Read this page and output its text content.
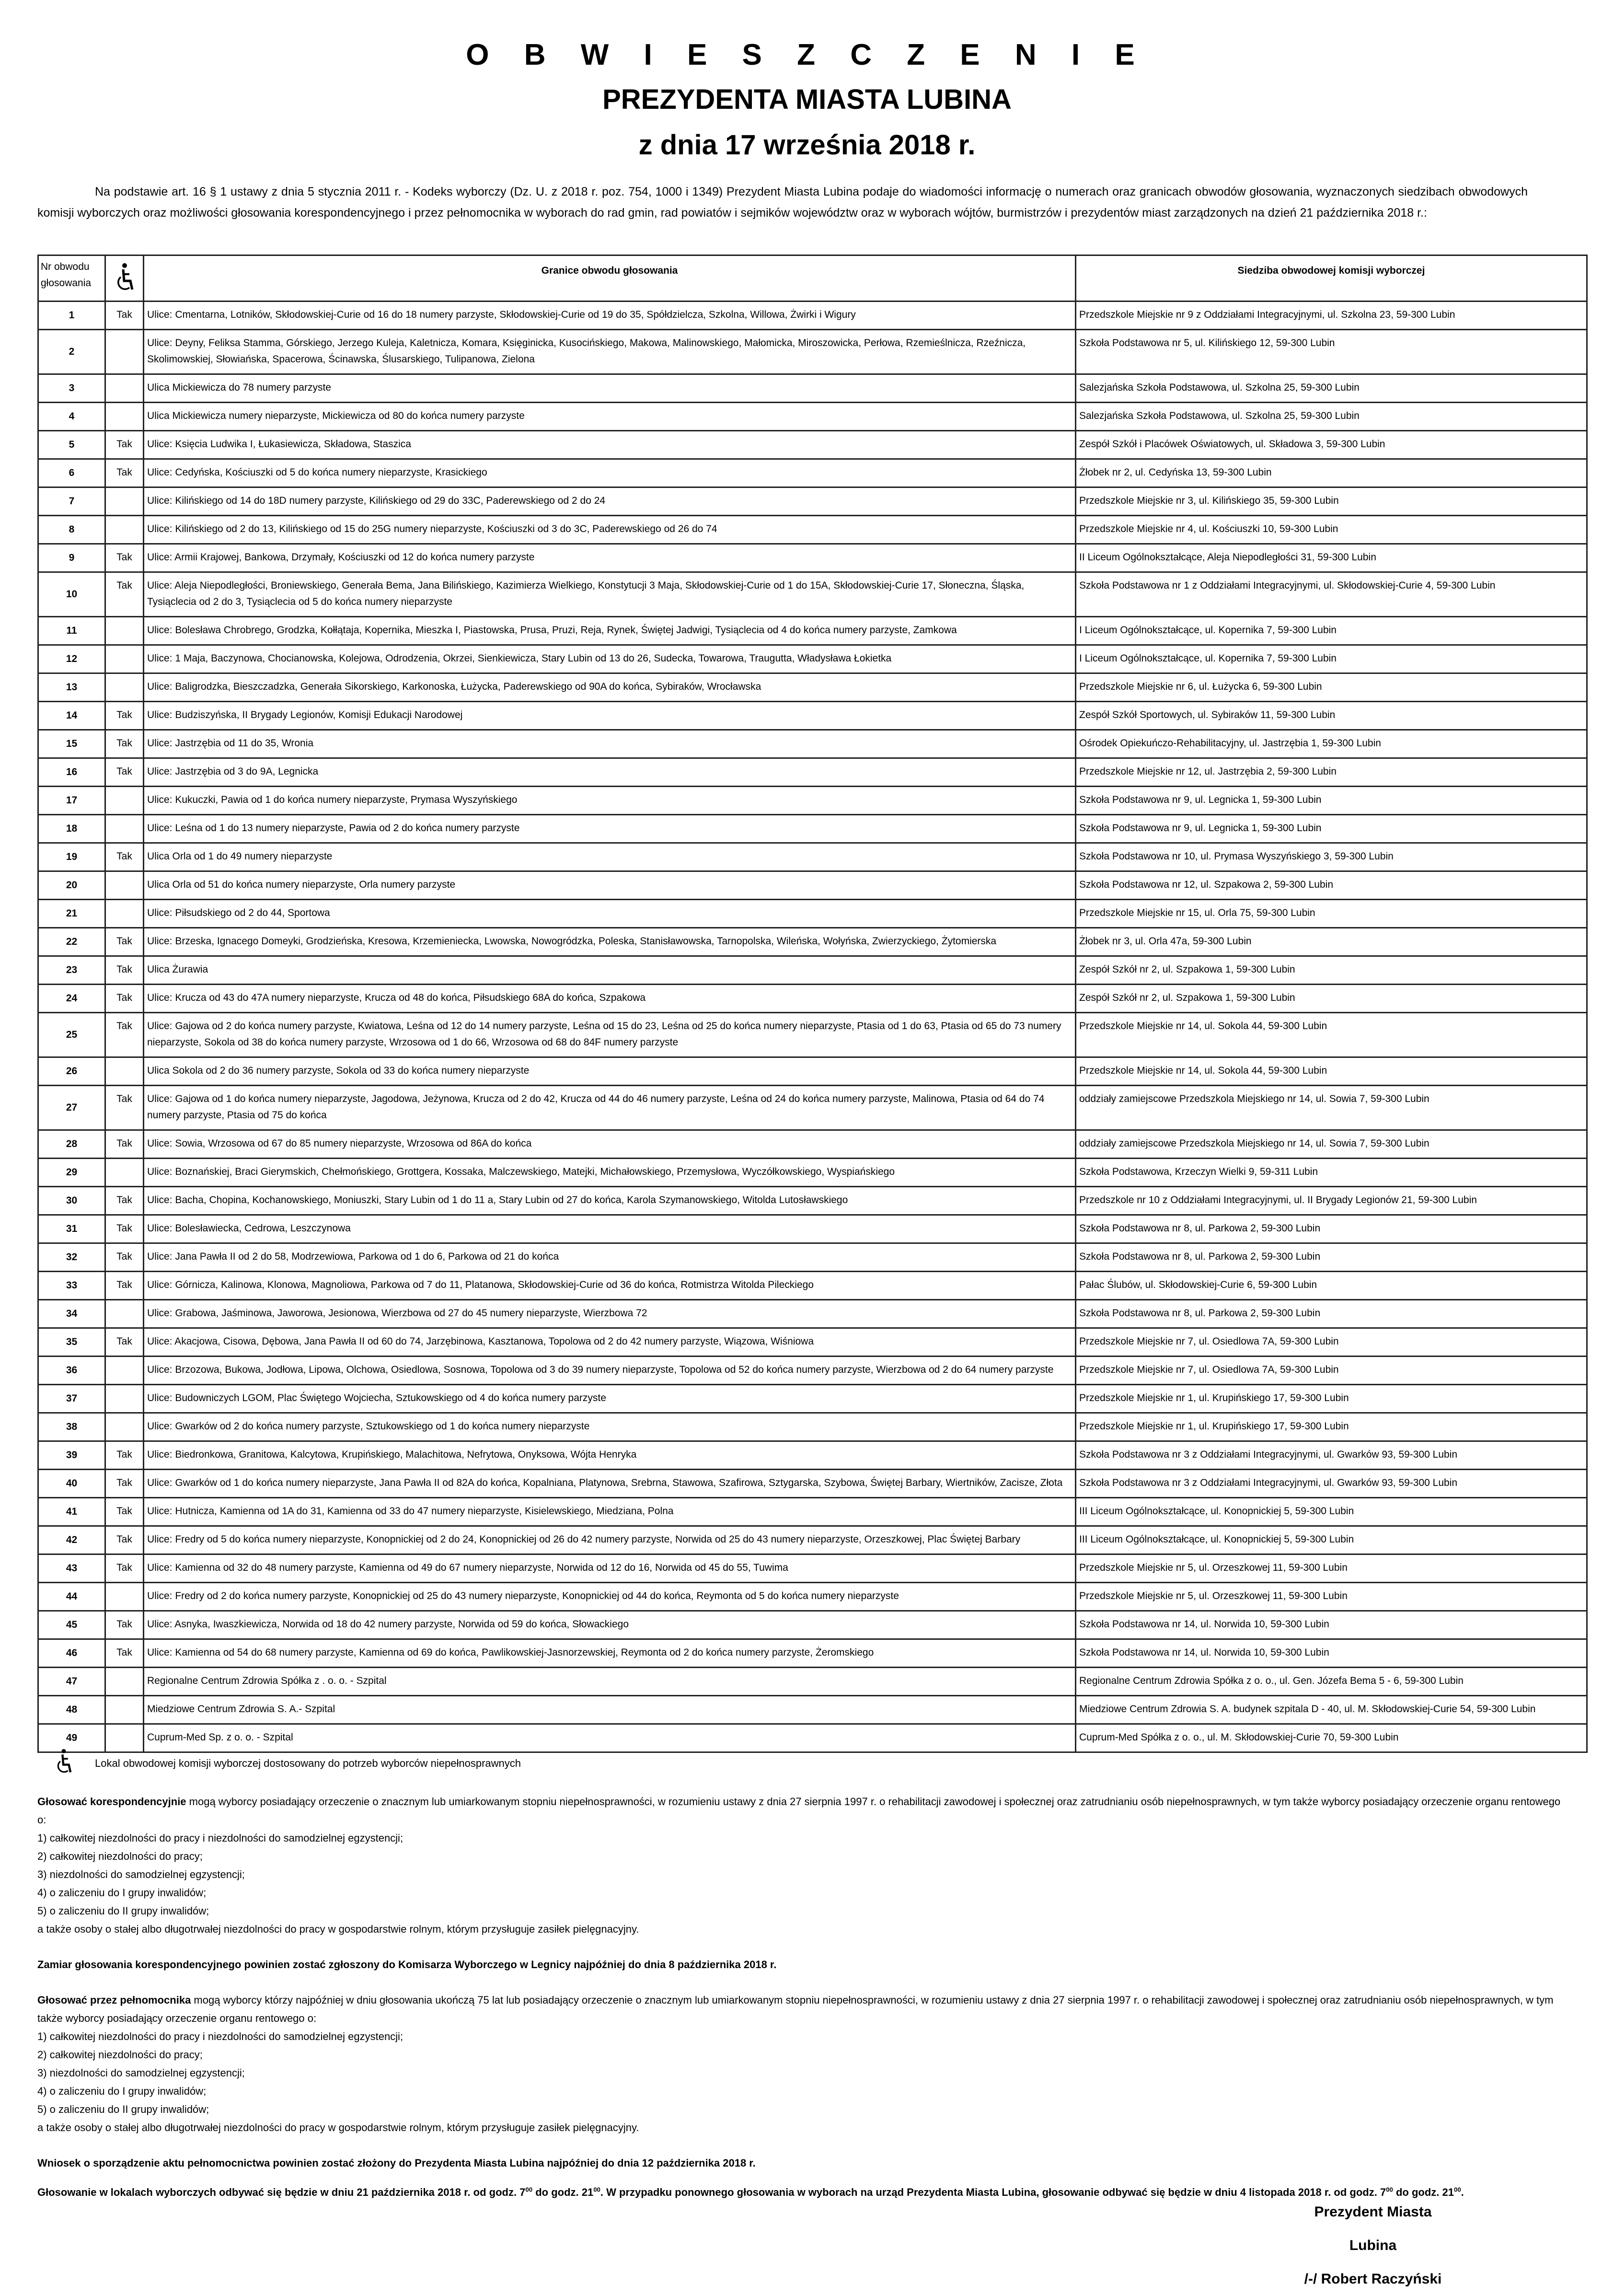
O B W I E S Z C Z E N I E
PREZYDENTA MIASTA LUBINA
z dnia 17 września 2018 r.
Na podstawie art. 16 § 1 ustawy z dnia 5 stycznia 2011 r. - Kodeks wyborczy (Dz. U. z 2018 r. poz. 754, 1000 i 1349) Prezydent Miasta Lubina podaje do wiadomości informację o numerach oraz granicach obwodów głosowania, wyznaczonych siedzibach obwodowych komisji wyborczych oraz możliwości głosowania korespondencyjnego i przez pełnomocnika w wyborach do rad gmin, rad powiatów i sejmików województw oraz w wyborach wójtów, burmistrzów i prezydentów miast zarządzonych na dzień 21 października 2018 r.:
Nr obwodu głosowania		Granice obwodu głosowania	Siedziba obwodowej komisji wyborczej
1	Tak	Ulice: Cmentarna, Lotników, Skłodowskiej-Curie od 16 do 18 numery parzyste, Skłodowskiej-Curie od 19 do 35, Spółdzielcza, Szkolna, Willowa, Żwirki i Wigury	Przedszkole Miejskie nr 9 z Oddziałami Integracyjnymi, ul. Szkolna 23, 59-300 Lubin
2		Ulice: Deyny, Feliksa Stamma, Górskiego, Jerzego Kuleja, Kaletnicza, Komara, Księginicka, Kusocińskiego, Makowa, Malinowskiego, Małomicka, Miroszowicka, Perłowa, Rzemieślnicza, Rzeźnicza, Skolimowskiej, Słowiańska, Spacerowa, Ścinawska, Ślusarskiego, Tulipanowa, Zielona	Szkoła Podstawowa nr 5, ul. Kilińskiego 12, 59-300 Lubin
3		Ulica Mickiewicza do 78 numery parzyste	Salezjańska Szkoła Podstawowa, ul. Szkolna 25, 59-300 Lubin
4		Ulica Mickiewicza numery nieparzyste, Mickiewicza od 80 do końca numery parzyste	Salezjańska Szkoła Podstawowa, ul. Szkolna 25, 59-300 Lubin
5	Tak	Ulice: Księcia Ludwika I, Łukasiewicza, Składowa, Staszica	Zespół Szkół i Placówek Oświatowych, ul. Składowa 3, 59-300 Lubin
6	Tak	Ulice: Cedyńska, Kościuszki od 5 do końca numery nieparzyste, Krasickiego	Żłobek nr 2, ul. Cedyńska 13, 59-300 Lubin
7		Ulice: Kilińskiego od 14 do 18D numery parzyste, Kilińskiego od 29 do 33C, Paderewskiego od 2 do 24	Przedszkole Miejskie nr 3, ul. Kilińskiego 35, 59-300 Lubin
8		Ulice: Kilińskiego od 2 do 13, Kilińskiego od 15 do 25G numery nieparzyste, Kościuszki od 3 do 3C, Paderewskiego od 26 do 74	Przedszkole Miejskie nr 4, ul. Kościuszki 10, 59-300 Lubin
9	Tak	Ulice: Armii Krajowej, Bankowa, Drzymały, Kościuszki od 12 do końca numery parzyste	II Liceum Ogólnokształcące, Aleja Niepodległości 31, 59-300 Lubin
10	Tak	Ulice: Aleja Niepodległości, Broniewskiego, Generała Bema, Jana Bilińskiego, Kazimierza Wielkiego, Konstytucji 3 Maja, Skłodowskiej-Curie od 1 do 15A, Skłodowskiej-Curie 17, Słoneczna, Śląska, Tysiąclecia od 2 do 3, Tysiąclecia od 5 do końca numery nieparzyste	Szkoła Podstawowa nr 1 z Oddziałami Integracyjnymi, ul. Skłodowskiej-Curie 4, 59-300 Lubin
11		Ulice: Bolesława Chrobrego, Grodzka, Kołłątaja, Kopernika, Mieszka I, Piastowska, Prusa, Pruzi, Reja, Rynek, Świętej Jadwigi, Tysiąclecia od 4 do końca numery parzyste, Zamkowa	I Liceum Ogólnokształcące, ul. Kopernika 7, 59-300 Lubin
12		Ulice: 1 Maja, Baczynowa, Chocianowska, Kolejowa, Odrodzenia, Okrzei, Sienkiewicza, Stary Lubin od 13 do 26, Sudecka, Towarowa, Traugutta, Władysława Łokietka	I Liceum Ogólnokształcące, ul. Kopernika 7, 59-300 Lubin
13		Ulice: Baligrodzka, Bieszczadzka, Generała Sikorskiego, Karkonoska, Łużycka, Paderewskiego od 90A do końca, Sybiraków, Wrocławska	Przedszkole Miejskie nr 6, ul. Łużycka 6, 59-300 Lubin
14	Tak	Ulice: Budziszyńska, II Brygady Legionów, Komisji Edukacji Narodowej	Zespół Szkół Sportowych, ul. Sybiraków 11, 59-300 Lubin
15	Tak	Ulice: Jastrzębia od 11 do 35, Wronia	Ośrodek Opiekuńczo-Rehabilitacyjny, ul. Jastrzębia 1, 59-300 Lubin
16	Tak	Ulice: Jastrzębia od 3 do 9A, Legnicka	Przedszkole Miejskie nr 12, ul. Jastrzębia 2, 59-300 Lubin
17		Ulice: Kukuczki, Pawia od 1 do końca numery nieparzyste, Prymasa Wyszyńskiego	Szkoła Podstawowa nr 9, ul. Legnicka 1, 59-300 Lubin
18		Ulice: Leśna od 1 do 13 numery nieparzyste, Pawia od 2 do końca numery parzyste	Szkoła Podstawowa nr 9, ul. Legnicka 1, 59-300 Lubin
19	Tak	Ulica Orla od 1 do 49 numery nieparzyste	Szkoła Podstawowa nr 10, ul. Prymasa Wyszyńskiego 3, 59-300 Lubin
20		Ulica Orla od 51 do końca numery nieparzyste, Orla numery parzyste	Szkoła Podstawowa nr 12, ul. Szpakowa 2, 59-300 Lubin
21		Ulice: Piłsudskiego od 2 do 44, Sportowa	Przedszkole Miejskie nr 15, ul. Orla 75, 59-300 Lubin
22	Tak	Ulice: Brzeska, Ignacego Domeyki, Grodzieńska, Kresowa, Krzemieniecka, Lwowska, Nowogródzka, Poleska, Stanisławowska, Tarnopolska, Wileńska, Wołyńska, Zwierzyckiego, Żytomierska	Żłobek nr 3, ul. Orla 47a, 59-300 Lubin
23	Tak	Ulica Żurawia	Zespół Szkół nr 2, ul. Szpakowa 1, 59-300 Lubin
24	Tak	Ulice: Krucza od 43 do 47A numery nieparzyste, Krucza od 48 do końca, Piłsudskiego 68A do końca, Szpakowa	Zespół Szkół nr 2, ul. Szpakowa 1, 59-300 Lubin
25	Tak	Ulice: Gajowa od 2 do końca numery parzyste, Kwiatowa, Leśna od 12 do 14 numery parzyste, Leśna od 15 do 23, Leśna od 25 do końca numery nieparzyste, Ptasia od 1 do 63, Ptasia od 65 do 73 numery nieparzyste, Sokola od 38 do końca numery parzyste, Wrzosowa od 1 do 66, Wrzosowa od 68 do 84F numery parzyste	Przedszkole Miejskie nr 14, ul. Sokola 44, 59-300 Lubin
26		Ulica Sokola od 2 do 36 numery parzyste, Sokola od 33 do końca numery nieparzyste	Przedszkole Miejskie nr 14, ul. Sokola 44, 59-300 Lubin
27	Tak	Ulice: Gajowa od 1 do końca numery nieparzyste, Jagodowa, Jeżynowa, Krucza od 2 do 42, Krucza od 44 do 46 numery parzyste, Leśna od 24 do końca numery parzyste, Malinowa, Ptasia od 64 do 74 numery parzyste, Ptasia od 75 do końca	oddziały zamiejscowe Przedszkola Miejskiego nr 14, ul. Sowia 7, 59-300 Lubin
28	Tak	Ulice: Sowia, Wrzosowa od 67 do 85 numery nieparzyste, Wrzosowa od 86A do końca	oddziały zamiejscowe Przedszkola Miejskiego nr 14, ul. Sowia 7, 59-300 Lubin
29		Ulice: Boznańskiej, Braci Gierymskich, Chełmońskiego, Grottgera, Kossaka, Malczewskiego, Matejki, Michałowskiego, Przemysłowa, Wyczółkowskiego, Wyspiańskiego	Szkoła Podstawowa, Krzeczyn Wielki 9, 59-311 Lubin
30	Tak	Ulice: Bacha, Chopina, Kochanowskiego, Moniuszki, Stary Lubin od 1 do 11 a, Stary Lubin od 27 do końca, Karola Szymanowskiego, Witolda Lutosławskiego	Przedszkole nr 10 z Oddziałami Integracyjnymi, ul. II Brygady Legionów 21, 59-300 Lubin
31	Tak	Ulice: Bolesławiecka, Cedrowa, Leszczynowa	Szkoła Podstawowa nr 8, ul. Parkowa 2, 59-300 Lubin
32	Tak	Ulice: Jana Pawła II od 2 do 58, Modrzewiowa, Parkowa od 1 do 6, Parkowa od 21 do końca	Szkoła Podstawowa nr 8, ul. Parkowa 2, 59-300 Lubin
33	Tak	Ulice: Górnicza, Kalinowa, Klonowa, Magnoliowa, Parkowa od 7 do 11, Platanowa, Skłodowskiej-Curie od 36 do końca, Rotmistrza Witolda Pileckiego	Pałac Ślubów, ul. Skłodowskiej-Curie 6, 59-300 Lubin
34		Ulice: Grabowa, Jaśminowa, Jaworowa, Jesionowa, Wierzbowa od 27 do 45 numery nieparzyste, Wierzbowa 72	Szkoła Podstawowa nr 8, ul. Parkowa 2, 59-300 Lubin
35	Tak	Ulice: Akacjowa, Cisowa, Dębowa, Jana Pawła II od 60 do 74, Jarzębinowa, Kasztanowa, Topolowa od 2 do 42 numery parzyste, Wiązowa, Wiśniowa	Przedszkole Miejskie nr 7, ul. Osiedlowa 7A, 59-300 Lubin
36		Ulice: Brzozowa, Bukowa, Jodłowa, Lipowa, Olchowa, Osiedlowa, Sosnowa, Topolowa od 3 do 39 numery nieparzyste, Topolowa od 52 do końca numery parzyste, Wierzbowa od 2 do 64 numery parzyste	Przedszkole Miejskie nr 7, ul. Osiedlowa 7A, 59-300 Lubin
37		Ulice: Budowniczych LGOM, Plac Świętego Wojciecha, Sztukowskiego od 4 do końca numery parzyste	Przedszkole Miejskie nr 1, ul. Krupińskiego 17, 59-300 Lubin
38		Ulice: Gwarków od 2 do końca numery parzyste, Sztukowskiego od 1 do końca numery nieparzyste	Przedszkole Miejskie nr 1, ul. Krupińskiego 17, 59-300 Lubin
39	Tak	Ulice: Biedronkowa, Granitowa, Kalcytowa, Krupińskiego, Malachitowa, Nefrytowa, Onyksowa, Wójta Henryka	Szkoła Podstawowa nr 3 z Oddziałami Integracyjnymi, ul. Gwarków 93, 59-300 Lubin
40	Tak	Ulice: Gwarków od 1 do końca numery nieparzyste, Jana Pawła II od 82A do końca, Kopalniana, Platynowa, Srebrna, Stawowa, Szafirowa, Sztygarska, Szybowa, Świętej Barbary, Wiertników, Zacisze, Złota	Szkoła Podstawowa nr 3 z Oddziałami Integracyjnymi, ul. Gwarków 93, 59-300 Lubin
41	Tak	Ulice: Hutnicza, Kamienna od 1A do 31, Kamienna od 33 do 47 numery nieparzyste, Kisielewskiego, Miedziana, Polna	III Liceum Ogólnokształcące, ul. Konopnickiej 5, 59-300 Lubin
42	Tak	Ulice: Fredry od 5 do końca numery nieparzyste, Konopnickiej od 2 do 24, Konopnickiej od 26 do 42 numery parzyste, Norwida od 25 do 43 numery nieparzyste, Orzeszkowej, Plac Świętej Barbary	III Liceum Ogólnokształcące, ul. Konopnickiej 5, 59-300 Lubin
43	Tak	Ulice: Kamienna od 32 do 48 numery parzyste, Kamienna od 49 do 67 numery nieparzyste, Norwida od 12 do 16, Norwida od 45 do 55, Tuwima	Przedszkole Miejskie nr 5, ul. Orzeszkowej 11, 59-300 Lubin
44		Ulice: Fredry od 2 do końca numery parzyste, Konopnickiej od 25 do 43 numery nieparzyste, Konopnickiej od 44 do końca, Reymonta od 5 do końca numery nieparzyste	Przedszkole Miejskie nr 5, ul. Orzeszkowej 11, 59-300 Lubin
45	Tak	Ulice: Asnyka, Iwaszkiewicza, Norwida od 18 do 42 numery parzyste, Norwida od 59 do końca, Słowackiego	Szkoła Podstawowa nr 14, ul. Norwida 10, 59-300 Lubin
46	Tak	Ulice: Kamienna od 54 do 68 numery parzyste, Kamienna od 69 do końca, Pawlikowskiej-Jasnorzewskiej, Reymonta od 2 do końca numery parzyste, Żeromskiego	Szkoła Podstawowa nr 14, ul. Norwida 10, 59-300 Lubin
47		Regionalne Centrum Zdrowia Spółka z . o. o. - Szpital	Regionalne Centrum Zdrowia Spółka z o. o., ul. Gen. Józefa Bema 5 - 6, 59-300 Lubin
48		Miedziowe Centrum Zdrowia S. A.- Szpital	Miedziowe Centrum Zdrowia S. A. budynek szpitala D - 40, ul. M. Skłodowskiej-Curie 54, 59-300 Lubin
49		Cuprum-Med Sp. z o. o. - Szpital	Cuprum-Med Spółka z o. o., ul. M. Skłodowskiej-Curie 70, 59-300 Lubin
Lokal obwodowej komisji wyborczej dostosowany do potrzeb wyborców niepełnosprawnych

Głosować korespondencyjnie mogą wyborcy posiadający orzeczenie o znacznym lub umiarkowanym stopniu niepełnosprawności, w rozumieniu ustawy z dnia 27 sierpnia 1997 r. o rehabilitacji zawodowej i społecznej oraz zatrudnianiu osób niepełnosprawnych, w tym także wyborcy posiadający orzeczenie organu rentowego o:

1) całkowitej niezdolności do pracy i niezdolności do samodzielnej egzystencji;

2) całkowitej niezdolności do pracy;

3) niezdolności do samodzielnej egzystencji;

4) o zaliczeniu do I grupy inwalidów;

5) o zaliczeniu do II grupy inwalidów;

a także osoby o stałej albo długotrwałej niezdolności do pracy w gospodarstwie rolnym, którym przysługuje zasiłek pielęgnacyjny.

Zamiar głosowania korespondencyjnego powinien zostać zgłoszony do Komisarza Wyborczego w Legnicy najpóźniej do dnia 8 października 2018 r.

Głosować przez pełnomocnika mogą wyborcy którzy najpóźniej w dniu głosowania ukończą 75 lat lub posiadający orzeczenie o znacznym lub umiarkowanym stopniu niepełnosprawności, w rozumieniu ustawy z dnia 27 sierpnia 1997 r. o rehabilitacji zawodowej i społecznej oraz zatrudnianiu osób niepełnosprawnych, w tym także wyborcy posiadający orzeczenie organu rentowego o:

1) całkowitej niezdolności do pracy i niezdolności do samodzielnej egzystencji;

2) całkowitej niezdolności do pracy;

3) niezdolności do samodzielnej egzystencji;

4) o zaliczeniu do I grupy inwalidów;

5) o zaliczeniu do II grupy inwalidów;

a także osoby o stałej albo długotrwałej niezdolności do pracy w gospodarstwie rolnym, którym przysługuje zasiłek pielęgnacyjny.

Wniosek o sporządzenie aktu pełnomocnictwa powinien zostać złożony do Prezydenta Miasta Lubina najpóźniej do dnia 12 października 2018 r.

Głosowanie w lokalach wyborczych odbywać się będzie w dniu 21 października 2018 r. od godz. $7^{00}$ do godz. $21^{00}$. W przypadku ponownego głosowania w wyborach na urząd Prezydenta Miasta Lubina, głosowanie odbywać się będzie w dniu 4 listopada 2018 r. od godz. $7^{00}$ do godz. $21^{00}$.

Prezydent Miasta Lubina
/-/ Robert Raczyński
